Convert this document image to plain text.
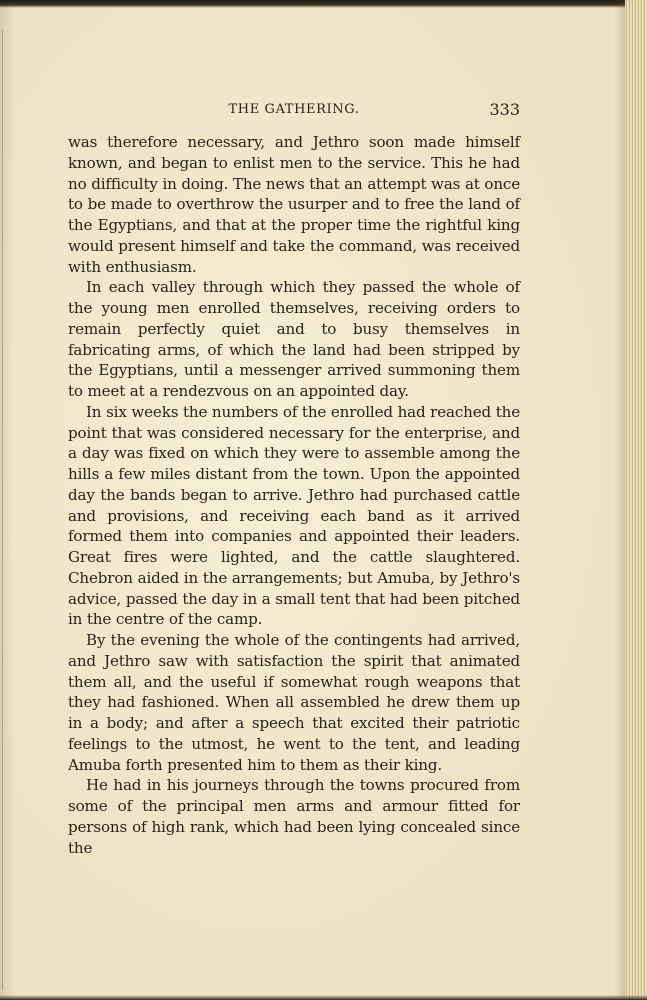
THE GATHERING.	333

was therefore necessary, and Jethro soon made himself known, and began to enlist men to the service. This he had no difficulty in doing. The news that an attempt was at once to be made to overthrow the usurper and to free the land of the Egyptians, and that at the proper time the rightful king would present himself and take the command, was received with enthusiasm.

In each valley through which they passed the whole of the young men enrolled themselves, receiving orders to remain perfectly quiet and to busy themselves in fabricating arms, of which the land had been stripped by the Egyptians, until a messenger arrived summoning them to meet at a rendezvous on an appointed day.

In six weeks the numbers of the enrolled had reached the point that was considered necessary for the enterprise, and a day was fixed on which they were to assemble among the hills a few miles distant from the town. Upon the appointed day the bands began to arrive. Jethro had purchased cattle and provisions, and receiving each band as it arrived formed them into companies and appointed their leaders. Great fires were lighted, and the cattle slaughtered. Chebron aided in the arrangements; but Amuba, by Jethro's advice, passed the day in a small tent that had been pitched in the centre of the camp.

By the evening the whole of the contingents had arrived, and Jethro saw with satisfaction the spirit that animated them all, and the useful if somewhat rough weapons that they had fashioned. When all assembled he drew them up in a body; and after a speech that excited their patriotic feelings to the utmost, he went to the tent, and leading Amuba forth presented him to them as their king.

He had in his journeys through the towns procured from some of the principal men arms and armour fitted for persons of high rank, which had been lying concealed since the
